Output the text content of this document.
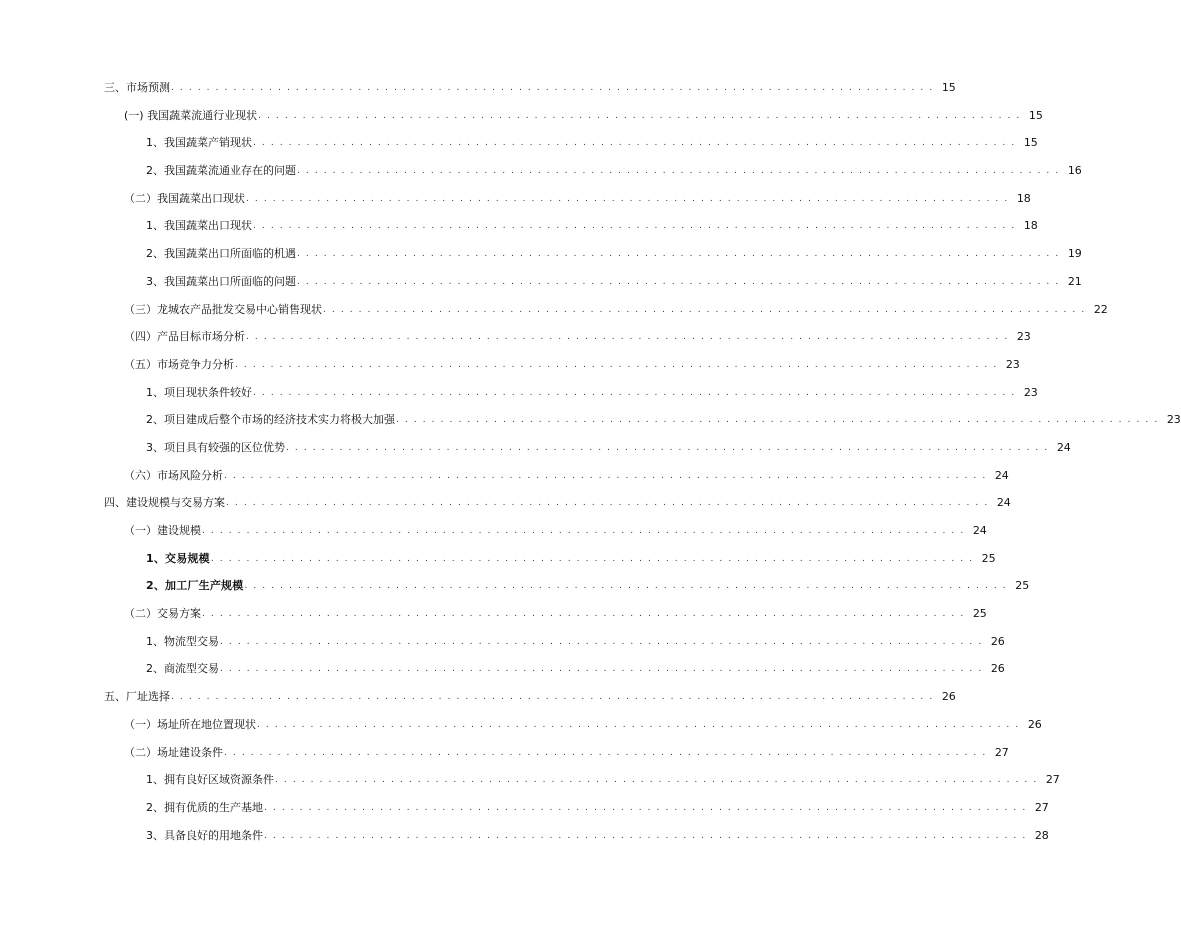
三、市场预测 . . . . . . . . . . . . . . . . . . . . . . . . . . . . . . . . . . . . . . . . . . . . . . . . . . . . . . . . . . . . . . . . . . . . . . . . . . . . . . . . . . . . . . 15
(一) 我国蔬菜流通行业现状 . . . . . . . . . . . . . . . . . . . . . . . . . . . . . . . . . . . . . . . . . . . . . . . . . . . . . . . . . . . . . . . . . . . . . . . . . . . . . . . . . . . . . . 15
1、我国蔬菜产销现状 . . . . . . . . . . . . . . . . . . . . . . . . . . . . . . . . . . . . . . . . . . . . . . . . . . . . . . . . . . . . . . . . . . . . . . . . . . . . . . . . . . . . . . 15
2、我国蔬菜流通业存在的问题 . . . . . . . . . . . . . . . . . . . . . . . . . . . . . . . . . . . . . . . . . . . . . . . . . . . . . . . . . . . . . . . . . . . . . . . . . . . . . . . . . . . . . . 16
（二）我国蔬菜出口现状 . . . . . . . . . . . . . . . . . . . . . . . . . . . . . . . . . . . . . . . . . . . . . . . . . . . . . . . . . . . . . . . . . . . . . . . . . . . . . . . . . . . . . . 18
1、我国蔬菜出口现状 . . . . . . . . . . . . . . . . . . . . . . . . . . . . . . . . . . . . . . . . . . . . . . . . . . . . . . . . . . . . . . . . . . . . . . . . . . . . . . . . . . . . . . 18
2、我国蔬菜出口所面临的机遇 . . . . . . . . . . . . . . . . . . . . . . . . . . . . . . . . . . . . . . . . . . . . . . . . . . . . . . . . . . . . . . . . . . . . . . . . . . . . . . . . . . . . . . 19
3、我国蔬菜出口所面临的问题 . . . . . . . . . . . . . . . . . . . . . . . . . . . . . . . . . . . . . . . . . . . . . . . . . . . . . . . . . . . . . . . . . . . . . . . . . . . . . . . . . . . . . . 21
（三）龙城农产品批发交易中心销售现状 . . . . . . . . . . . . . . . . . . . . . . . . . . . . . . . . . . . . . . . . . . . . . . . . . . . . . . . . . . . . . . . . . . . . . . . . . . . . . . . . . . . . . . 22
（四）产品目标市场分析 . . . . . . . . . . . . . . . . . . . . . . . . . . . . . . . . . . . . . . . . . . . . . . . . . . . . . . . . . . . . . . . . . . . . . . . . . . . . . . . . . . . . . . 23
（五）市场竞争力分析 . . . . . . . . . . . . . . . . . . . . . . . . . . . . . . . . . . . . . . . . . . . . . . . . . . . . . . . . . . . . . . . . . . . . . . . . . . . . . . . . . . . . . . 23
1、项目现状条件较好 . . . . . . . . . . . . . . . . . . . . . . . . . . . . . . . . . . . . . . . . . . . . . . . . . . . . . . . . . . . . . . . . . . . . . . . . . . . . . . . . . . . . . . 23
2、项目建成后整个市场的经济技术实力将极大加强 . . . . . . . . . . . . . . . . . . . . . . . . . . . . . . . . . . . . . . . . . . . . . . . . . . . . . . . . . . . . . . . . . . . . . . . . . . . . . . . . . . . . . . 23
3、项目具有较强的区位优势 . . . . . . . . . . . . . . . . . . . . . . . . . . . . . . . . . . . . . . . . . . . . . . . . . . . . . . . . . . . . . . . . . . . . . . . . . . . . . . . . . . . . . . 24
（六）市场风险分析 . . . . . . . . . . . . . . . . . . . . . . . . . . . . . . . . . . . . . . . . . . . . . . . . . . . . . . . . . . . . . . . . . . . . . . . . . . . . . . . . . . . . . . 24
四、建设规模与交易方案 . . . . . . . . . . . . . . . . . . . . . . . . . . . . . . . . . . . . . . . . . . . . . . . . . . . . . . . . . . . . . . . . . . . . . . . . . . . . . . . . . . . . . . 24
（一）建设规模 . . . . . . . . . . . . . . . . . . . . . . . . . . . . . . . . . . . . . . . . . . . . . . . . . . . . . . . . . . . . . . . . . . . . . . . . . . . . . . . . . . . . . . 24
1、交易规模 . . . . . . . . . . . . . . . . . . . . . . . . . . . . . . . . . . . . . . . . . . . . . . . . . . . . . . . . . . . . . . . . . . . . . . . . . . . . . . . . . . . . . . 25
2、加工厂生产规模 . . . . . . . . . . . . . . . . . . . . . . . . . . . . . . . . . . . . . . . . . . . . . . . . . . . . . . . . . . . . . . . . . . . . . . . . . . . . . . . . . . . . . . 25
（二）交易方案 . . . . . . . . . . . . . . . . . . . . . . . . . . . . . . . . . . . . . . . . . . . . . . . . . . . . . . . . . . . . . . . . . . . . . . . . . . . . . . . . . . . . . . 25
1、物流型交易 . . . . . . . . . . . . . . . . . . . . . . . . . . . . . . . . . . . . . . . . . . . . . . . . . . . . . . . . . . . . . . . . . . . . . . . . . . . . . . . . . . . . . . 26
2、商流型交易 . . . . . . . . . . . . . . . . . . . . . . . . . . . . . . . . . . . . . . . . . . . . . . . . . . . . . . . . . . . . . . . . . . . . . . . . . . . . . . . . . . . . . . 26
五、厂址选择 . . . . . . . . . . . . . . . . . . . . . . . . . . . . . . . . . . . . . . . . . . . . . . . . . . . . . . . . . . . . . . . . . . . . . . . . . . . . . . . . . . . . . . 26
（一）场址所在地位置现状 . . . . . . . . . . . . . . . . . . . . . . . . . . . . . . . . . . . . . . . . . . . . . . . . . . . . . . . . . . . . . . . . . . . . . . . . . . . . . . . . . . . . . . 26
（二）场址建设条件 . . . . . . . . . . . . . . . . . . . . . . . . . . . . . . . . . . . . . . . . . . . . . . . . . . . . . . . . . . . . . . . . . . . . . . . . . . . . . . . . . . . . . . 27
1、拥有良好区域资源条件 . . . . . . . . . . . . . . . . . . . . . . . . . . . . . . . . . . . . . . . . . . . . . . . . . . . . . . . . . . . . . . . . . . . . . . . . . . . . . . . . . . . . . . 27
2、拥有优质的生产基地 . . . . . . . . . . . . . . . . . . . . . . . . . . . . . . . . . . . . . . . . . . . . . . . . . . . . . . . . . . . . . . . . . . . . . . . . . . . . . . . . . . . . . . 27
3、具备良好的用地条件 . . . . . . . . . . . . . . . . . . . . . . . . . . . . . . . . . . . . . . . . . . . . . . . . . . . . . . . . . . . . . . . . . . . . . . . . . . . . . . . . . . . . . . 28
